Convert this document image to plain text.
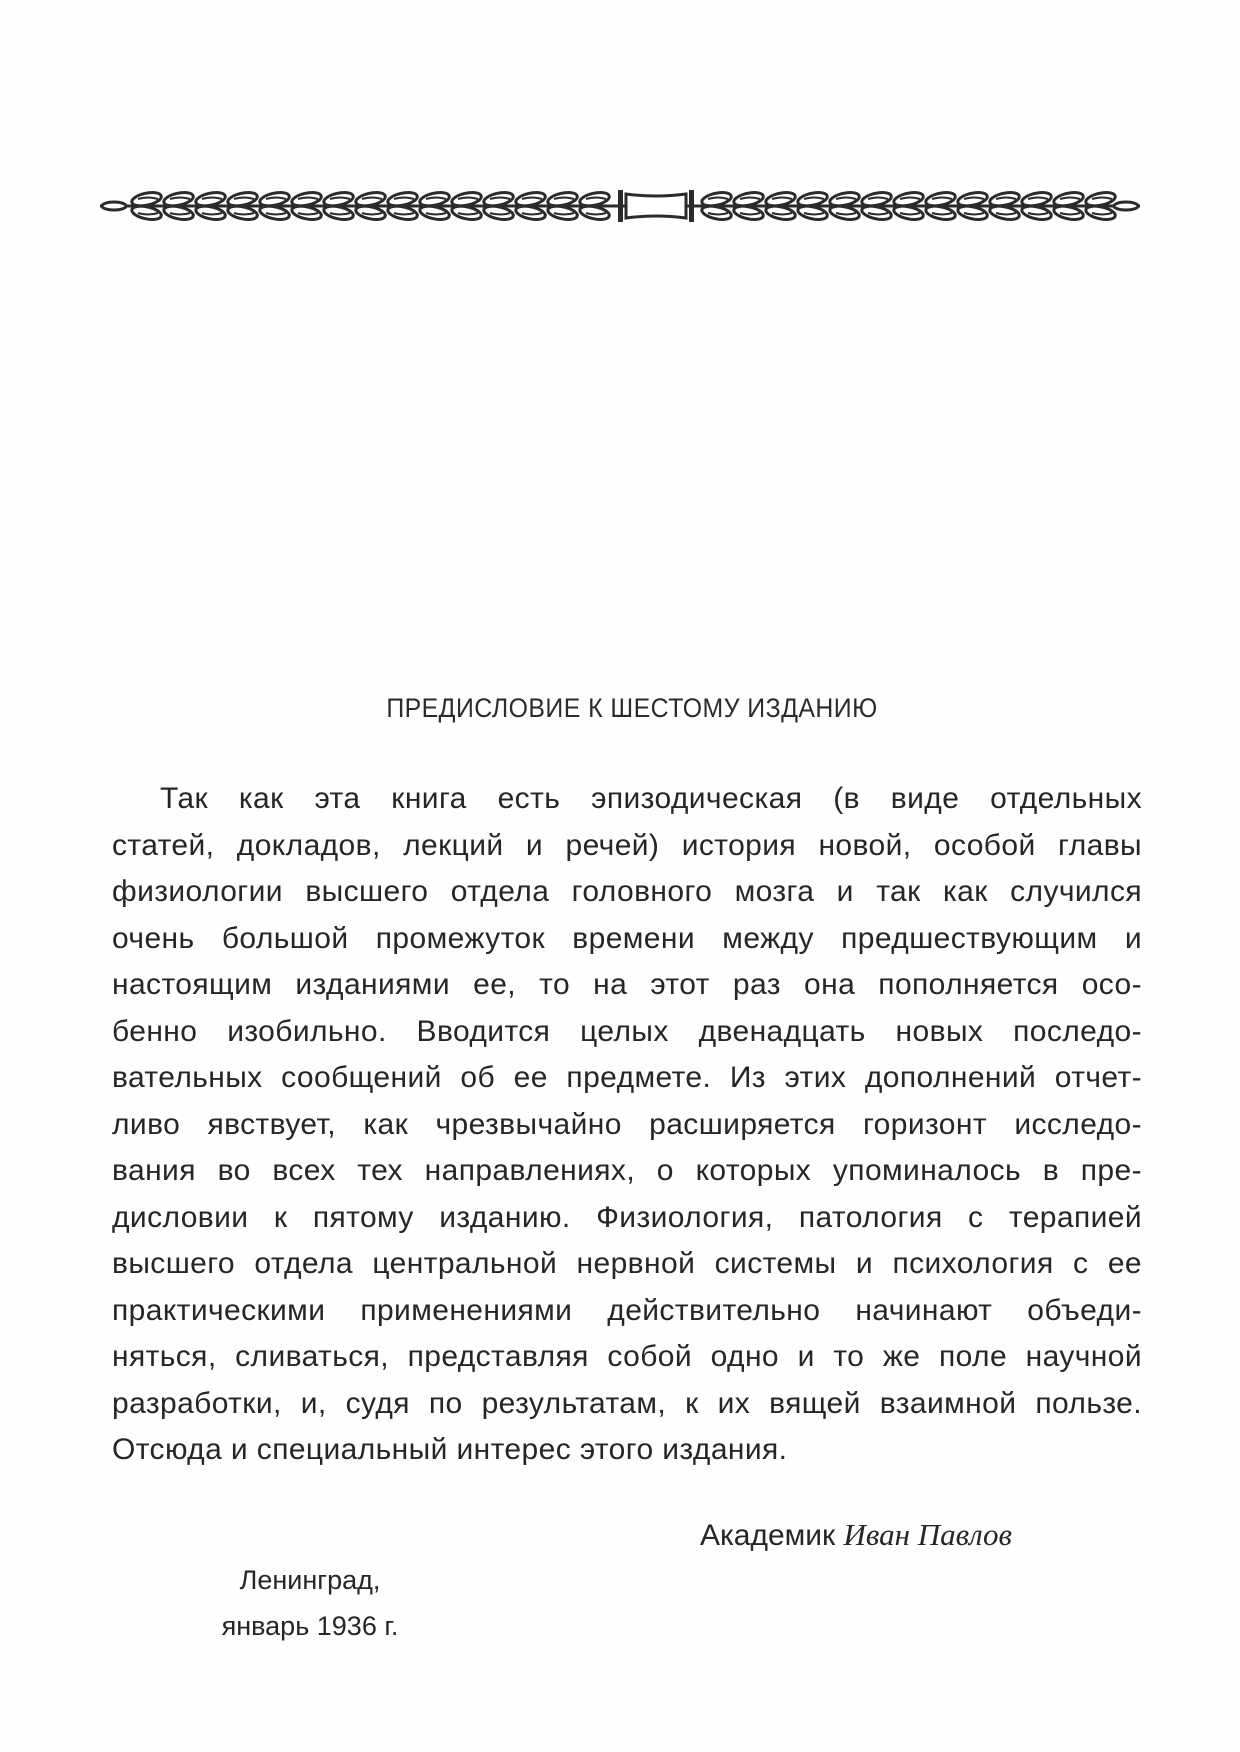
ПРЕДИСЛОВИЕ К ШЕСТОМУ ИЗДАНИЮ
Так как эта книга есть эпизодическая (в виде отдельных
статей, докладов, лекций и речей) история новой, особой главы
физиологии высшего отдела головного мозга и так как случился
очень большой промежуток времени между предшествующим и
настоящим изданиями ее, то на этот раз она пополняется осо-
бенно изобильно. Вводится целых двенадцать новых последо-
вательных сообщений об ее предмете. Из этих дополнений отчет-
ливо явствует, как чрезвычайно расширяется горизонт исследо-
вания во всех тех направлениях, о которых упоминалось в пре-
дисловии к пятому изданию. Физиология, патология с терапией
высшего отдела центральной нервной системы и психология с ее
практическими применениями действительно начинают объеди-
няться, сливаться, представляя собой одно и то же поле научной
разработки, и, судя по результатам, к их вящей взаимной пользе.
Отсюда и специальный интерес этого издания.
Академик Иван Павлов
Ленинград,
январь 1936 г.
